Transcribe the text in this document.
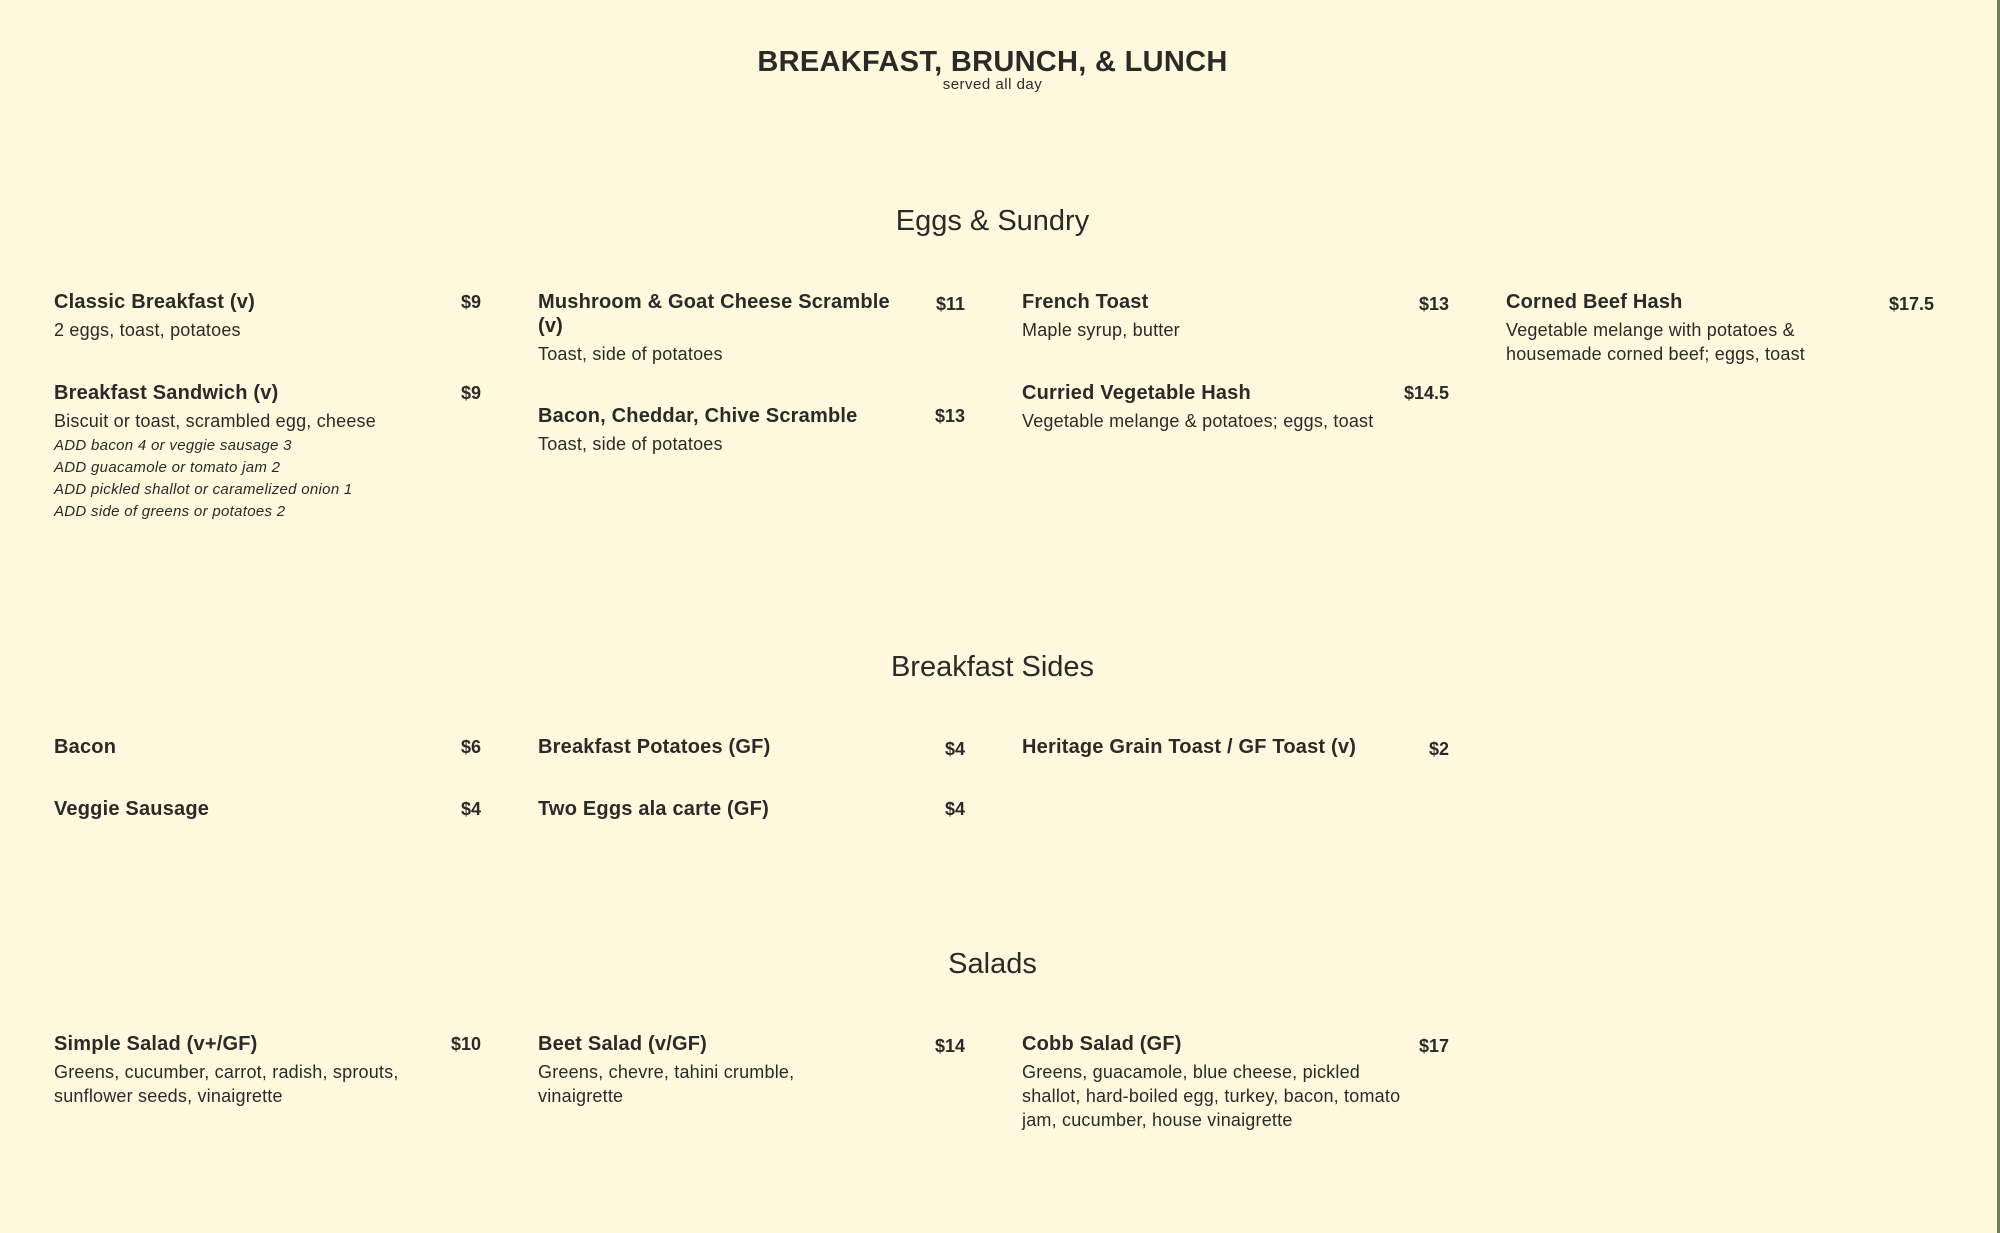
BREAKFAST, BRUNCH, & LUNCH
served all day
Eggs & Sundry
Classic Breakfast (v)	$9
2 eggs, toast, potatoes
Breakfast Sandwich (v)	$9
Biscuit or toast, scrambled egg, cheese
ADD bacon 4 or veggie sausage 3
ADD guacamole or tomato jam 2
ADD pickled shallot or caramelized onion 1
ADD side of greens or potatoes 2
Mushroom & Goat Cheese Scramble (v)
$11
Toast, side of potatoes
Bacon, Cheddar, Chive Scramble	$13
Toast, side of potatoes
French Toast	$13
Maple syrup, butter
Curried Vegetable Hash	$14.5
Vegetable melange & potatoes; eggs, toast
Corned Beef Hash	$17.5
Vegetable melange with potatoes & housemade corned beef; eggs, toast
Breakfast Sides
Bacon	$6
Veggie Sausage	$4
Breakfast Potatoes (GF)	$4
Two Eggs ala carte (GF)	$4
Heritage Grain Toast / GF Toast (v)	$2
Salads
Simple Salad (v+/GF)	$10
Greens, cucumber, carrot, radish, sprouts, sunflower seeds, vinaigrette
Beet Salad (v/GF)	$14
Greens, chevre, tahini crumble, vinaigrette
Cobb Salad (GF)	$17
Greens, guacamole, blue cheese, pickled shallot, hard-boiled egg, turkey, bacon, tomato jam, cucumber, house vinaigrette
